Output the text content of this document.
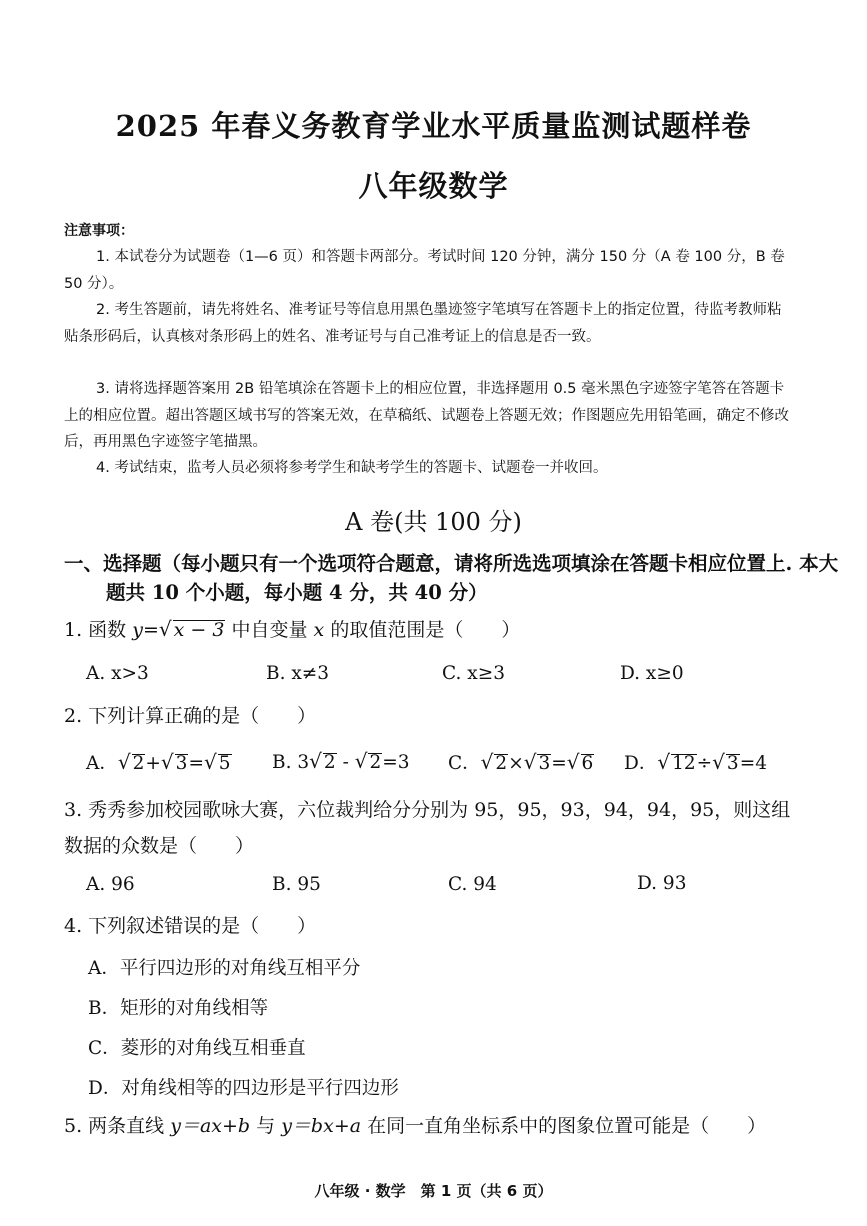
2025 年春义务教育学业水平质量监测试题样卷
八年级数学
注意事项：
1. 本试卷分为试题卷（1—6 页）和答题卡两部分。考试时间 120 分钟，满分 150 分（A 卷 100 分，B 卷 50 分）。
2. 考生答题前，请先将姓名、准考证号等信息用黑色墨迹签字笔填写在答题卡上的指定位置，待监考教师粘贴条形码后，认真核对条形码上的姓名、准考证号与自己准考证上的信息是否一致。
3. 请将选择题答案用 2B 铅笔填涂在答题卡上的相应位置，非选择题用 0.5 毫米黑色字迹签字笔答在答题卡上的相应位置。超出答题区域书写的答案无效，在草稿纸、试题卷上答题无效；作图题应先用铅笔画，确定不修改后，再用黑色字迹签字笔描黑。
4. 考试结束，监考人员必须将参考学生和缺考学生的答题卡、试题卷一并收回。
A 卷(共 100 分)
一、选择题（每小题只有一个选项符合题意，请将所选选项填涂在答题卡相应位置上. 本大题共 10 个小题，每小题 4 分，共 40 分）
1. 函数 y=√ x − 3 中自变量 x 的取值范围是（　　）
A. x>3	B. x≠3	C. x≥3	D. x≥0
2. 下列计算正确的是（　　）
A．√ 2+√ 3=√ 5 B. 3√ 2 - √ 2=3 C．√ 2×√ 3=√ 6 D．√ 12÷√ 3=4
3. 秀秀参加校园歌咏大赛，六位裁判给分分别为 95，95，93，94，94，95，则这组数据的众数是（　　）
A. 96	B. 95	C. 94	D. 93
4. 下列叙述错误的是（　　）
A．平行四边形的对角线互相平分
B．矩形的对角线相等
C．菱形的对角线互相垂直
D．对角线相等的四边形是平行四边形
5. 两条直线 y＝ax+b 与 y＝bx+a 在同一直角坐标系中的图象位置可能是（　　）
八年级 · 数学　第 1 页（共 6 页）
